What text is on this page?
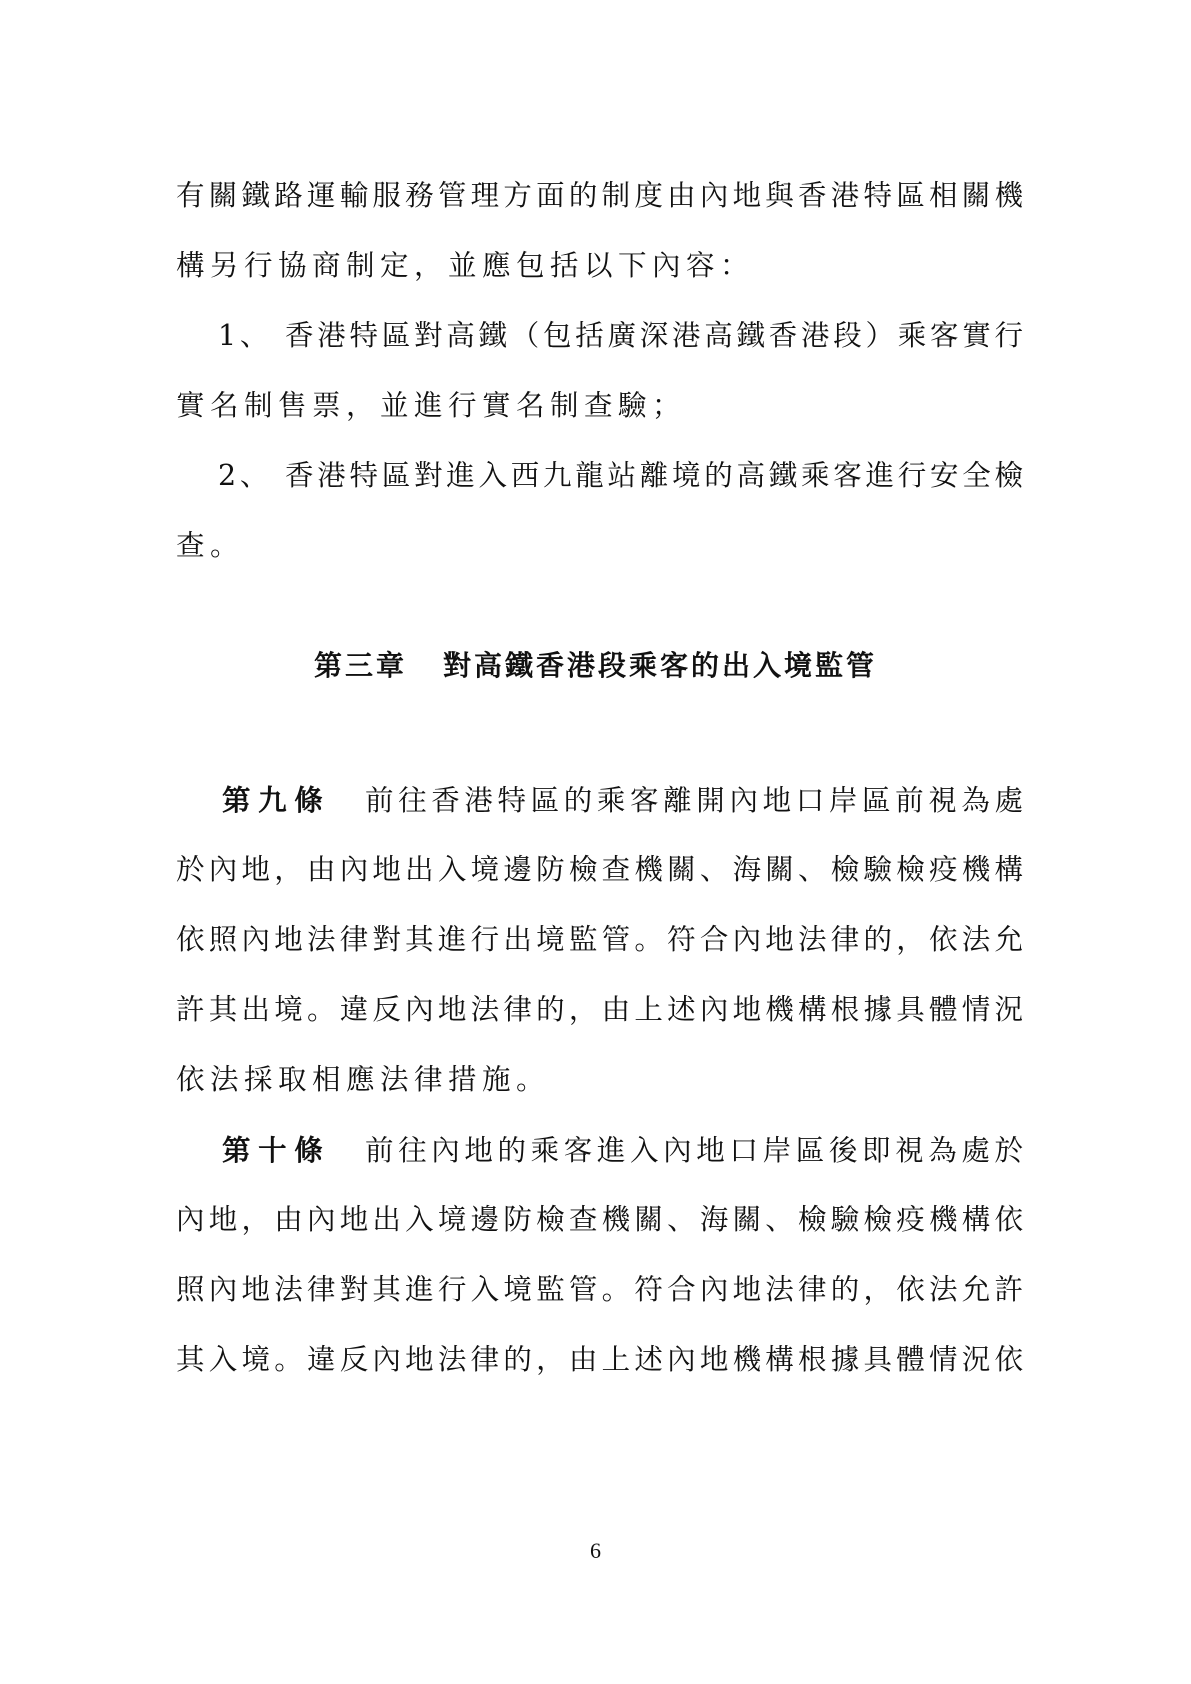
有關鐵路運輸服務管理方面的制度由內地與香港特區相關機
構另行協商制定，並應包括以下內容：
1、 香港特區對高鐵（包括廣深港高鐵香港段）乘客實行
實名制售票，並進行實名制查驗；
2、 香港特區對進入西九龍站離境的高鐵乘客進行安全檢
查。
第三章 對高鐵香港段乘客的出入境監管
第九條 前往香港特區的乘客離開內地口岸區前視為處
於內地，由內地出入境邊防檢查機關、海關、檢驗檢疫機構
依照內地法律對其進行出境監管。符合內地法律的，依法允
許其出境。違反內地法律的，由上述內地機構根據具體情況
依法採取相應法律措施。
第十條 前往內地的乘客進入內地口岸區後即視為處於
內地，由內地出入境邊防檢查機關、海關、檢驗檢疫機構依
照內地法律對其進行入境監管。符合內地法律的，依法允許
其入境。違反內地法律的，由上述內地機構根據具體情況依
6
